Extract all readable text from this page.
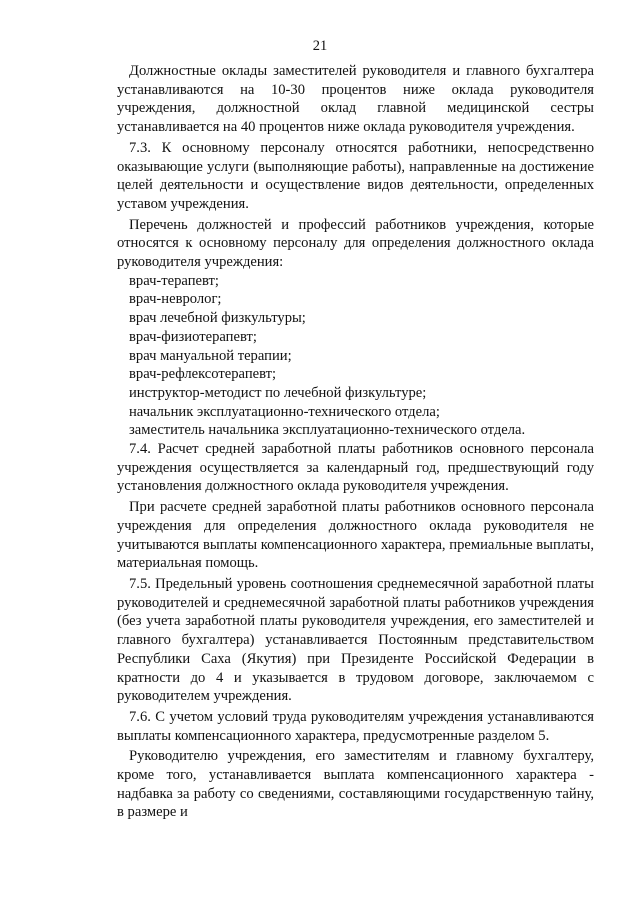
21

Должностные оклады заместителей руководителя и главного бухгалтера устанавливаются на 10-30 процентов ниже оклада руководителя учреждения, должностной оклад главной медицинской сестры устанавливается на 40 процентов ниже оклада руководителя учреждения.

7.3. К основному персоналу относятся работники, непосредственно оказывающие услуги (выполняющие работы), направленные на достижение целей деятельности и осуществление видов деятельности, определенных уставом учреждения.

Перечень должностей и профессий работников учреждения, которые относятся к основному персоналу для определения должностного оклада руководителя учреждения:

врач-терапевт;

врач-невролог;

врач лечебной физкультуры;

врач-физиотерапевт;

врач мануальной терапии;

врач-рефлексотерапевт;

инструктор-методист по лечебной физкультуре;

начальник эксплуатационно-технического отдела;

заместитель начальника эксплуатационно-технического отдела.

7.4. Расчет средней заработной платы работников основного персонала учреждения осуществляется за календарный год, предшествующий году установления должностного оклада руководителя учреждения.

При расчете средней заработной платы работников основного персонала учреждения для определения должностного оклада руководителя не учитываются выплаты компенсационного характера, премиальные выплаты, материальная помощь.

7.5. Предельный уровень соотношения среднемесячной заработной платы руководителей и среднемесячной заработной платы работников учреждения (без учета заработной платы руководителя учреждения, его заместителей и главного бухгалтера) устанавливается Постоянным представительством Республики Саха (Якутия) при Президенте Российской Федерации в кратности до 4 и указывается в трудовом договоре, заключаемом с руководителем учреждения.

7.6. С учетом условий труда руководителям учреждения устанавливаются выплаты компенсационного характера, предусмотренные разделом 5.

Руководителю учреждения, его заместителям и главному бухгалтеру, кроме того, устанавливается выплата компенсационного характера - надбавка за работу со сведениями, составляющими государственную тайну, в размере и
